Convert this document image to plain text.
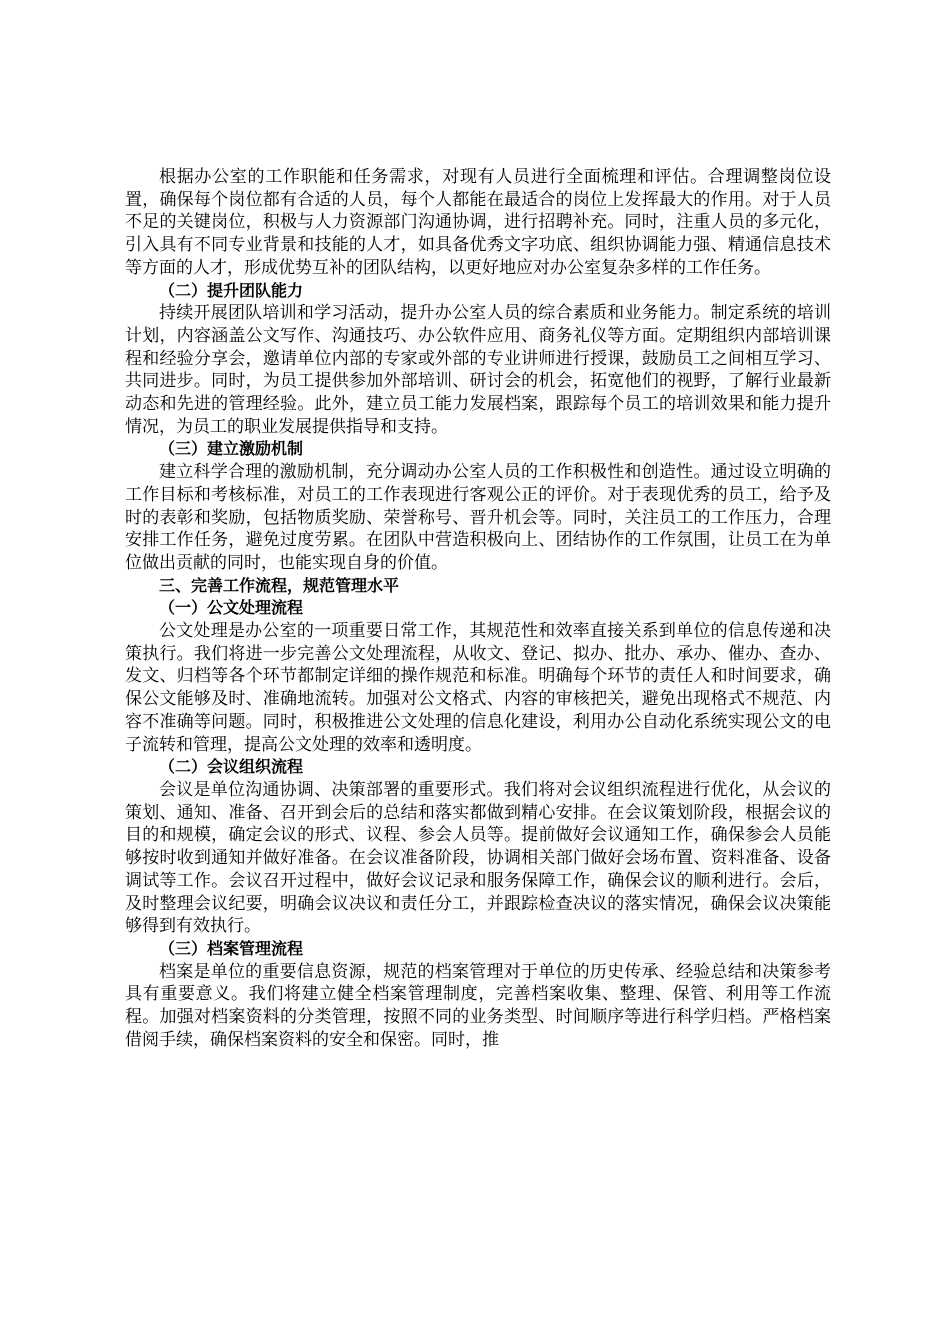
根据办公室的工作职能和任务需求，对现有人员进行全面梳理和评估。合理调整岗位设置，确保每个岗位都有合适的人员，每个人都能在最适合的岗位上发挥最大的作用。对于人员不足的关键岗位，积极与人力资源部门沟通协调，进行招聘补充。同时，注重人员的多元化，引入具有不同专业背景和技能的人才，如具备优秀文字功底、组织协调能力强、精通信息技术等方面的人才，形成优势互补的团队结构，以更好地应对办公室复杂多样的工作任务。

（二）提升团队能力

持续开展团队培训和学习活动，提升办公室人员的综合素质和业务能力。制定系统的培训计划，内容涵盖公文写作、沟通技巧、办公软件应用、商务礼仪等方面。定期组织内部培训课程和经验分享会，邀请单位内部的专家或外部的专业讲师进行授课，鼓励员工之间相互学习、共同进步。同时，为员工提供参加外部培训、研讨会的机会，拓宽他们的视野，了解行业最新动态和先进的管理经验。此外，建立员工能力发展档案，跟踪每个员工的培训效果和能力提升情况，为员工的职业发展提供指导和支持。

（三）建立激励机制

建立科学合理的激励机制，充分调动办公室人员的工作积极性和创造性。通过设立明确的工作目标和考核标准，对员工的工作表现进行客观公正的评价。对于表现优秀的员工，给予及时的表彰和奖励，包括物质奖励、荣誉称号、晋升机会等。同时，关注员工的工作压力，合理安排工作任务，避免过度劳累。在团队中营造积极向上、团结协作的工作氛围，让员工在为单位做出贡献的同时，也能实现自身的价值。

三、完善工作流程，规范管理水平

（一）公文处理流程

公文处理是办公室的一项重要日常工作，其规范性和效率直接关系到单位的信息传递和决策执行。我们将进一步完善公文处理流程，从收文、登记、拟办、批办、承办、催办、查办、发文、归档等各个环节都制定详细的操作规范和标准。明确每个环节的责任人和时间要求，确保公文能够及时、准确地流转。加强对公文格式、内容的审核把关，避免出现格式不规范、内容不准确等问题。同时，积极推进公文处理的信息化建设，利用办公自动化系统实现公文的电子流转和管理，提高公文处理的效率和透明度。

（二）会议组织流程

会议是单位沟通协调、决策部署的重要形式。我们将对会议组织流程进行优化，从会议的策划、通知、准备、召开到会后的总结和落实都做到精心安排。在会议策划阶段，根据会议的目的和规模，确定会议的形式、议程、参会人员等。提前做好会议通知工作，确保参会人员能够按时收到通知并做好准备。在会议准备阶段，协调相关部门做好会场布置、资料准备、设备调试等工作。会议召开过程中，做好会议记录和服务保障工作，确保会议的顺利进行。会后，及时整理会议纪要，明确会议决议和责任分工，并跟踪检查决议的落实情况，确保会议决策能够得到有效执行。

（三）档案管理流程

档案是单位的重要信息资源，规范的档案管理对于单位的历史传承、经验总结和决策参考具有重要意义。我们将建立健全档案管理制度，完善档案收集、整理、保管、利用等工作流程。加强对档案资料的分类管理，按照不同的业务类型、时间顺序等进行科学归档。严格档案借阅手续，确保档案资料的安全和保密。同时，推
